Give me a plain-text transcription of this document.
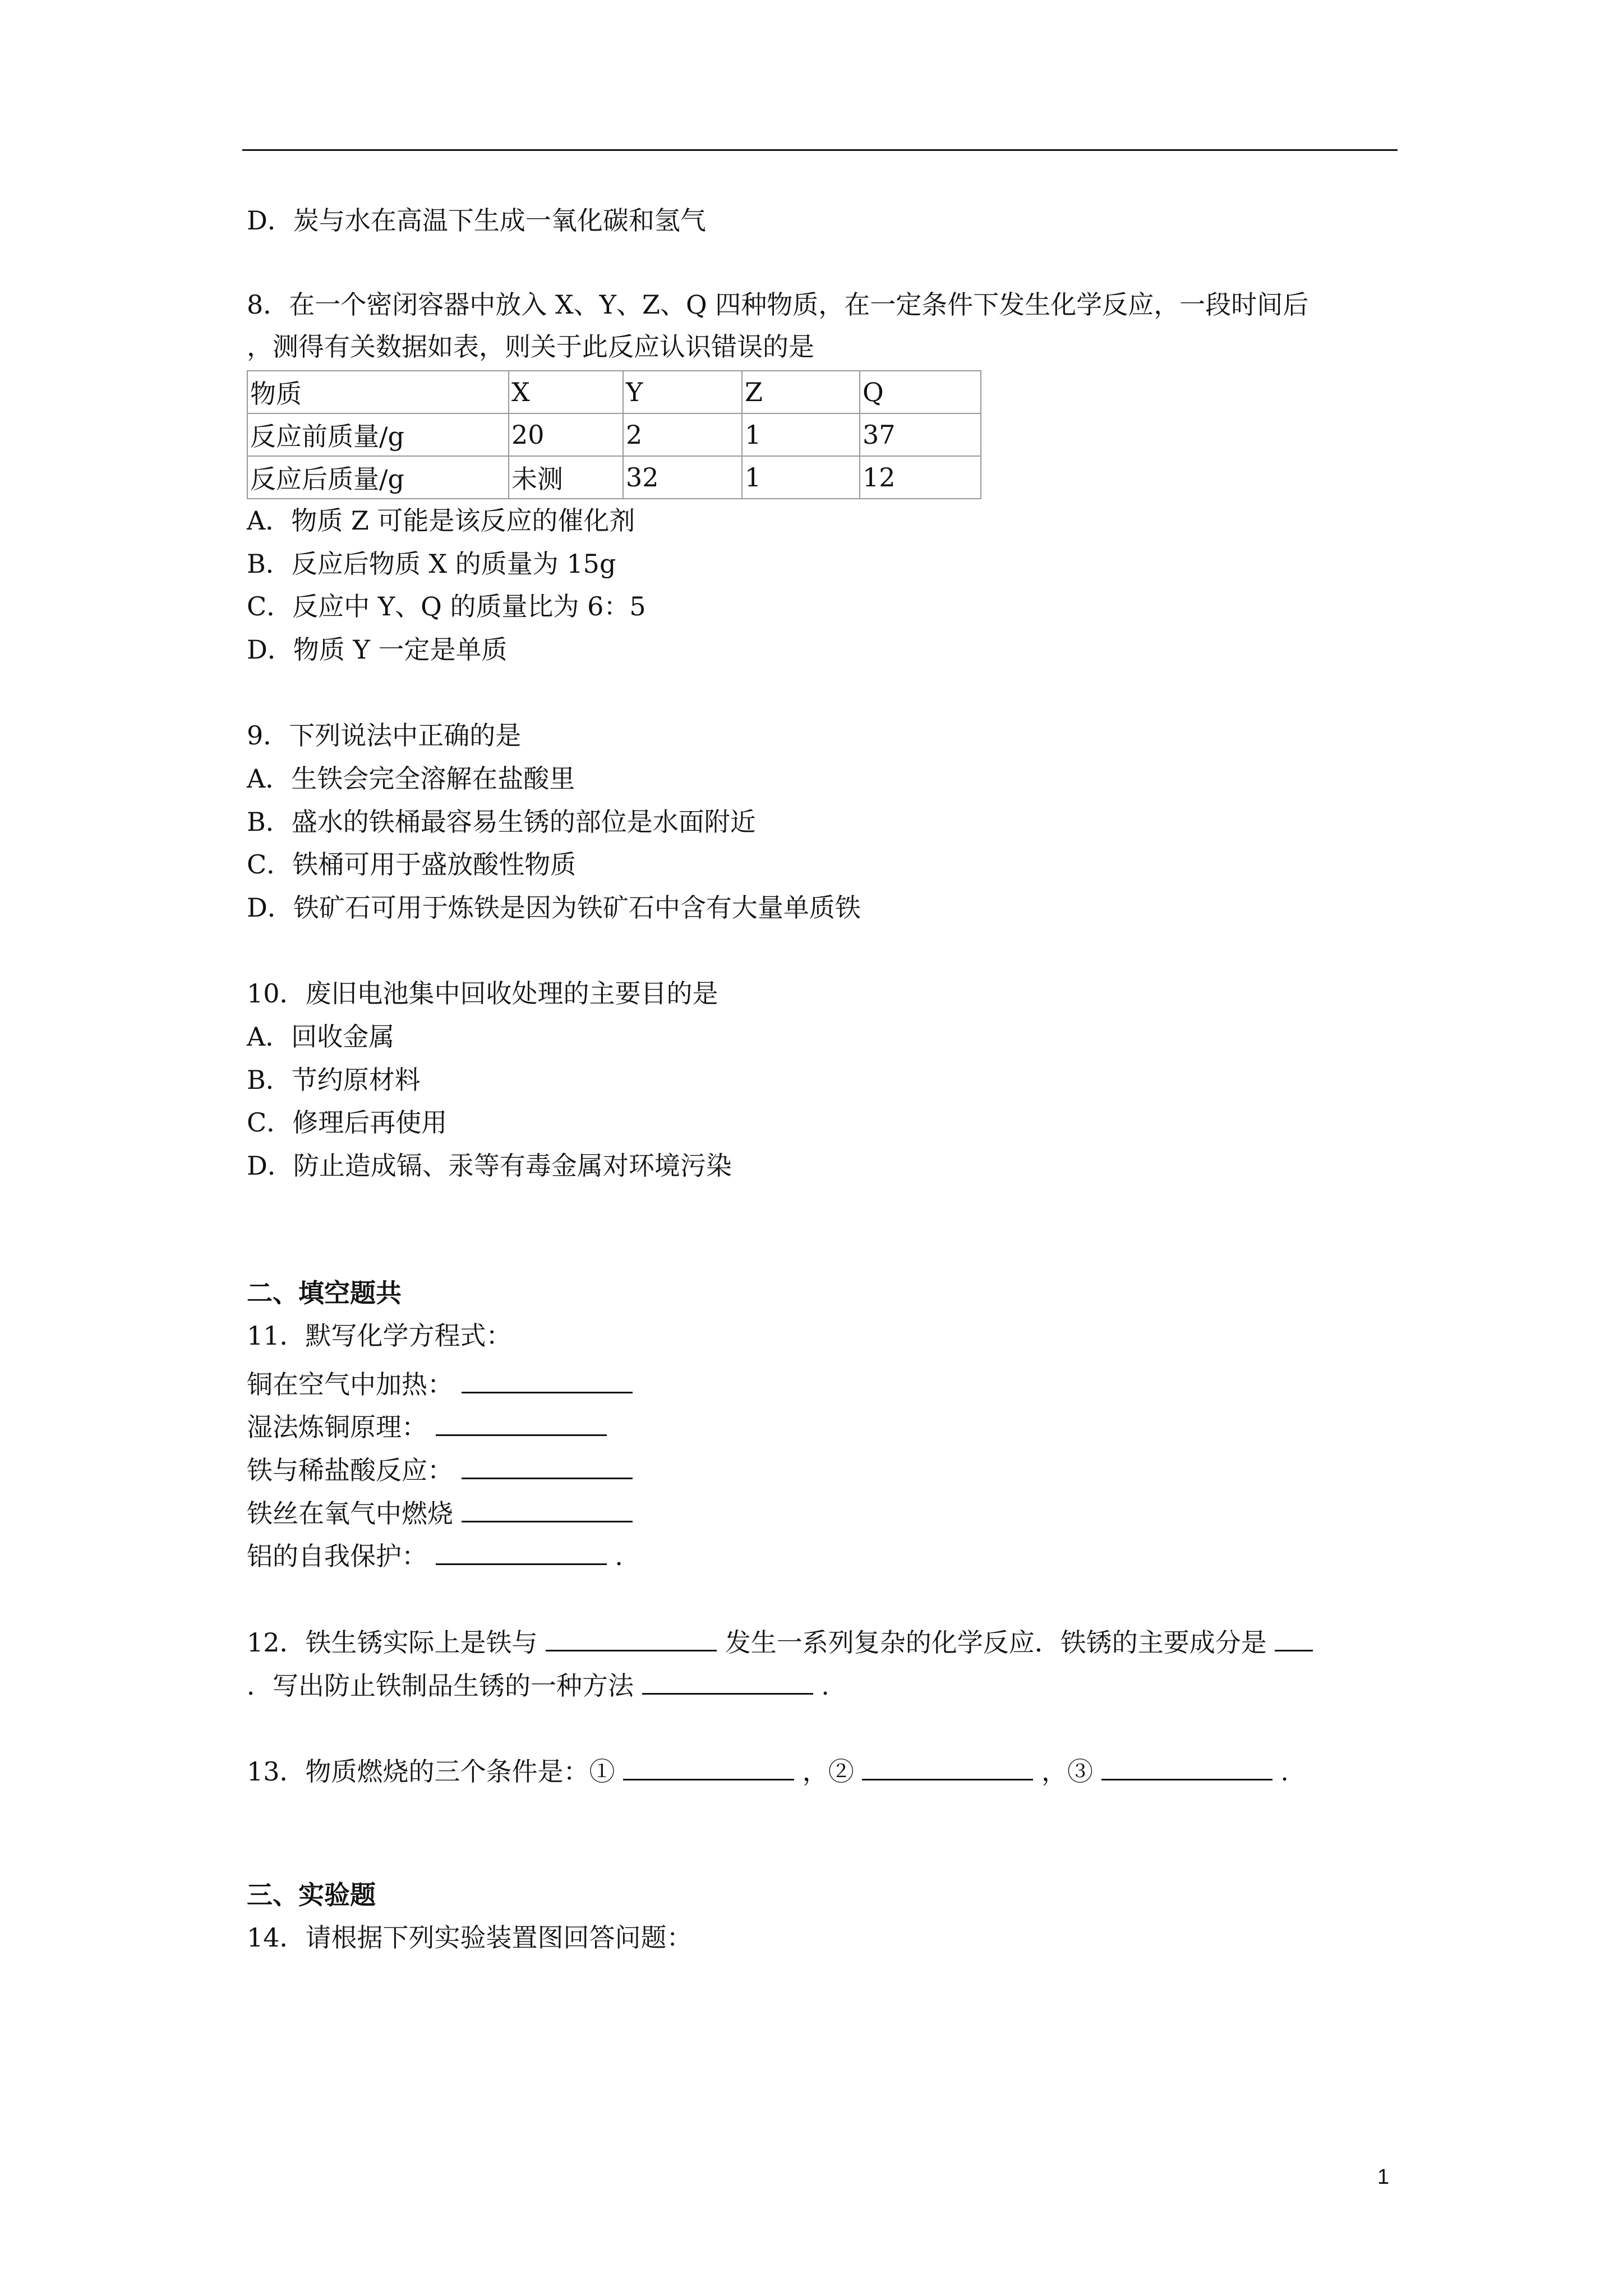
D．炭与水在高温下生成一氧化碳和氢气
8．在一个密闭容器中放入 X、Y、Z、Q 四种物质，在一定条件下发生化学反应，一段时间后
，测得有关数据如表，则关于此反应认识错误的是
物质	X	Y	Z	Q
反应前质量/g	20	2	1	37
反应后质量/g	未测	32	1	12
A．物质 Z 可能是该反应的催化剂
B．反应后物质 X 的质量为 15g
C．反应中 Y、Q 的质量比为 6：5
D．物质 Y 一定是单质
9．下列说法中正确的是
A．生铁会完全溶解在盐酸里
B．盛水的铁桶最容易生锈的部位是水面附近
C．铁桶可用于盛放酸性物质
D．铁矿石可用于炼铁是因为铁矿石中含有大量单质铁
10．废旧电池集中回收处理的主要目的是
A．回收金属
B．节约原材料
C．修理后再使用
D．防止造成镉、汞等有毒金属对环境污染
二、填空题共
11．默写化学方程式：
铜在空气中加热：
湿法炼铜原理：
铁与稀盐酸反应：
铁丝在氧气中燃烧
铝的自我保护：	.
12．铁生锈实际上是铁与	发生一系列复杂的化学反应．铁锈的主要成分是
．写出防止铁制品生锈的一种方法	.
13．物质燃烧的三个条件是：①	，②	，③	.
三、实验题
14．请根据下列实验装置图回答问题：
1
